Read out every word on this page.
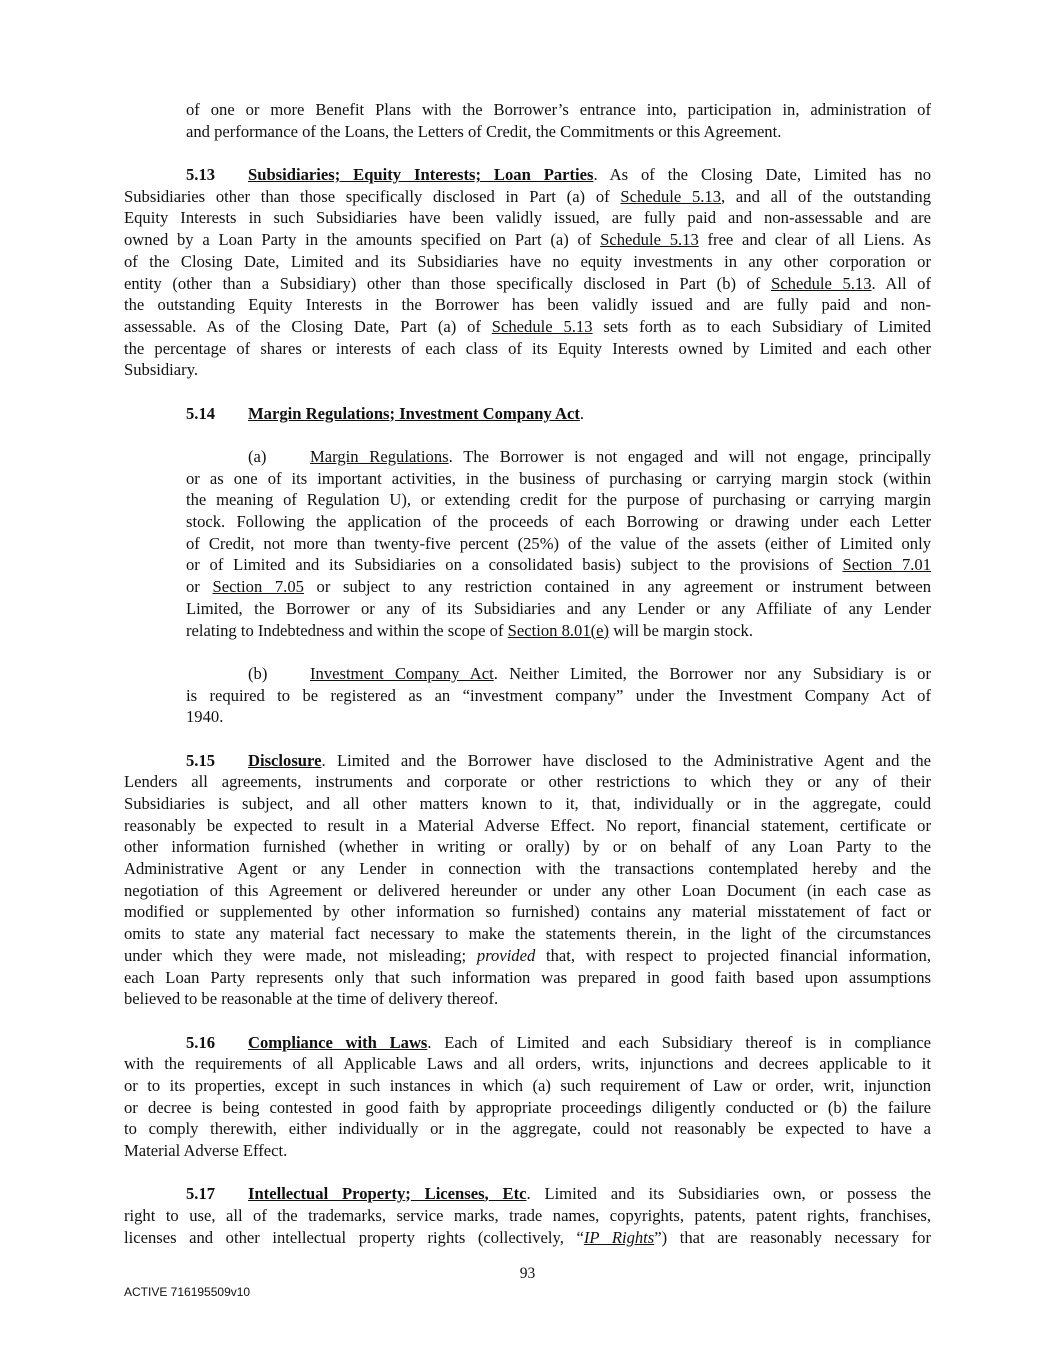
of one or more Benefit Plans with the Borrower’s entrance into, participation in, administration of
and performance of the Loans, the Letters of Credit, the Commitments or this Agreement.
5.13 Subsidiaries; Equity Interests; Loan Parties. As of the Closing Date, Limited has no
Subsidiaries other than those specifically disclosed in Part (a) of Schedule 5.13, and all of the outstanding
Equity Interests in such Subsidiaries have been validly issued, are fully paid and non-assessable and are
owned by a Loan Party in the amounts specified on Part (a) of Schedule 5.13 free and clear of all Liens. As
of the Closing Date, Limited and its Subsidiaries have no equity investments in any other corporation or
entity (other than a Subsidiary) other than those specifically disclosed in Part (b) of Schedule 5.13. All of
the outstanding Equity Interests in the Borrower has been validly issued and are fully paid and non-
assessable. As of the Closing Date, Part (a) of Schedule 5.13 sets forth as to each Subsidiary of Limited
the percentage of shares or interests of each class of its Equity Interests owned by Limited and each other
Subsidiary.
5.14 Margin Regulations; Investment Company Act.
(a)	Margin Regulations. The Borrower is not engaged and will not engage, principally
or as one of its important activities, in the business of purchasing or carrying margin stock (within
the meaning of Regulation U), or extending credit for the purpose of purchasing or carrying margin
stock. Following the application of the proceeds of each Borrowing or drawing under each Letter
of Credit, not more than twenty-five percent (25%) of the value of the assets (either of Limited only
or of Limited and its Subsidiaries on a consolidated basis) subject to the provisions of Section 7.01
or Section 7.05 or subject to any restriction contained in any agreement or instrument between
Limited, the Borrower or any of its Subsidiaries and any Lender or any Affiliate of any Lender
relating to Indebtedness and within the scope of Section 8.01(e) will be margin stock.
(b)	Investment Company Act. Neither Limited, the Borrower nor any Subsidiary is or
is required to be registered as an “investment company” under the Investment Company Act of
1940.
5.15 Disclosure. Limited and the Borrower have disclosed to the Administrative Agent and the
Lenders all agreements, instruments and corporate or other restrictions to which they or any of their
Subsidiaries is subject, and all other matters known to it, that, individually or in the aggregate, could
reasonably be expected to result in a Material Adverse Effect. No report, financial statement, certificate or
other information furnished (whether in writing or orally) by or on behalf of any Loan Party to the
Administrative Agent or any Lender in connection with the transactions contemplated hereby and the
negotiation of this Agreement or delivered hereunder or under any other Loan Document (in each case as
modified or supplemented by other information so furnished) contains any material misstatement of fact or
omits to state any material fact necessary to make the statements therein, in the light of the circumstances
under which they were made, not misleading; provided that, with respect to projected financial information,
each Loan Party represents only that such information was prepared in good faith based upon assumptions
believed to be reasonable at the time of delivery thereof.
5.16 Compliance with Laws. Each of Limited and each Subsidiary thereof is in compliance
with the requirements of all Applicable Laws and all orders, writs, injunctions and decrees applicable to it
or to its properties, except in such instances in which (a) such requirement of Law or order, writ, injunction
or decree is being contested in good faith by appropriate proceedings diligently conducted or (b) the failure
to comply therewith, either individually or in the aggregate, could not reasonably be expected to have a
Material Adverse Effect.
5.17 Intellectual Property; Licenses, Etc. Limited and its Subsidiaries own, or possess the
right to use, all of the trademarks, service marks, trade names, copyrights, patents, patent rights, franchises,
licenses and other intellectual property rights (collectively, “IP Rights”) that are reasonably necessary for
93
ACTIVE 716195509v10
